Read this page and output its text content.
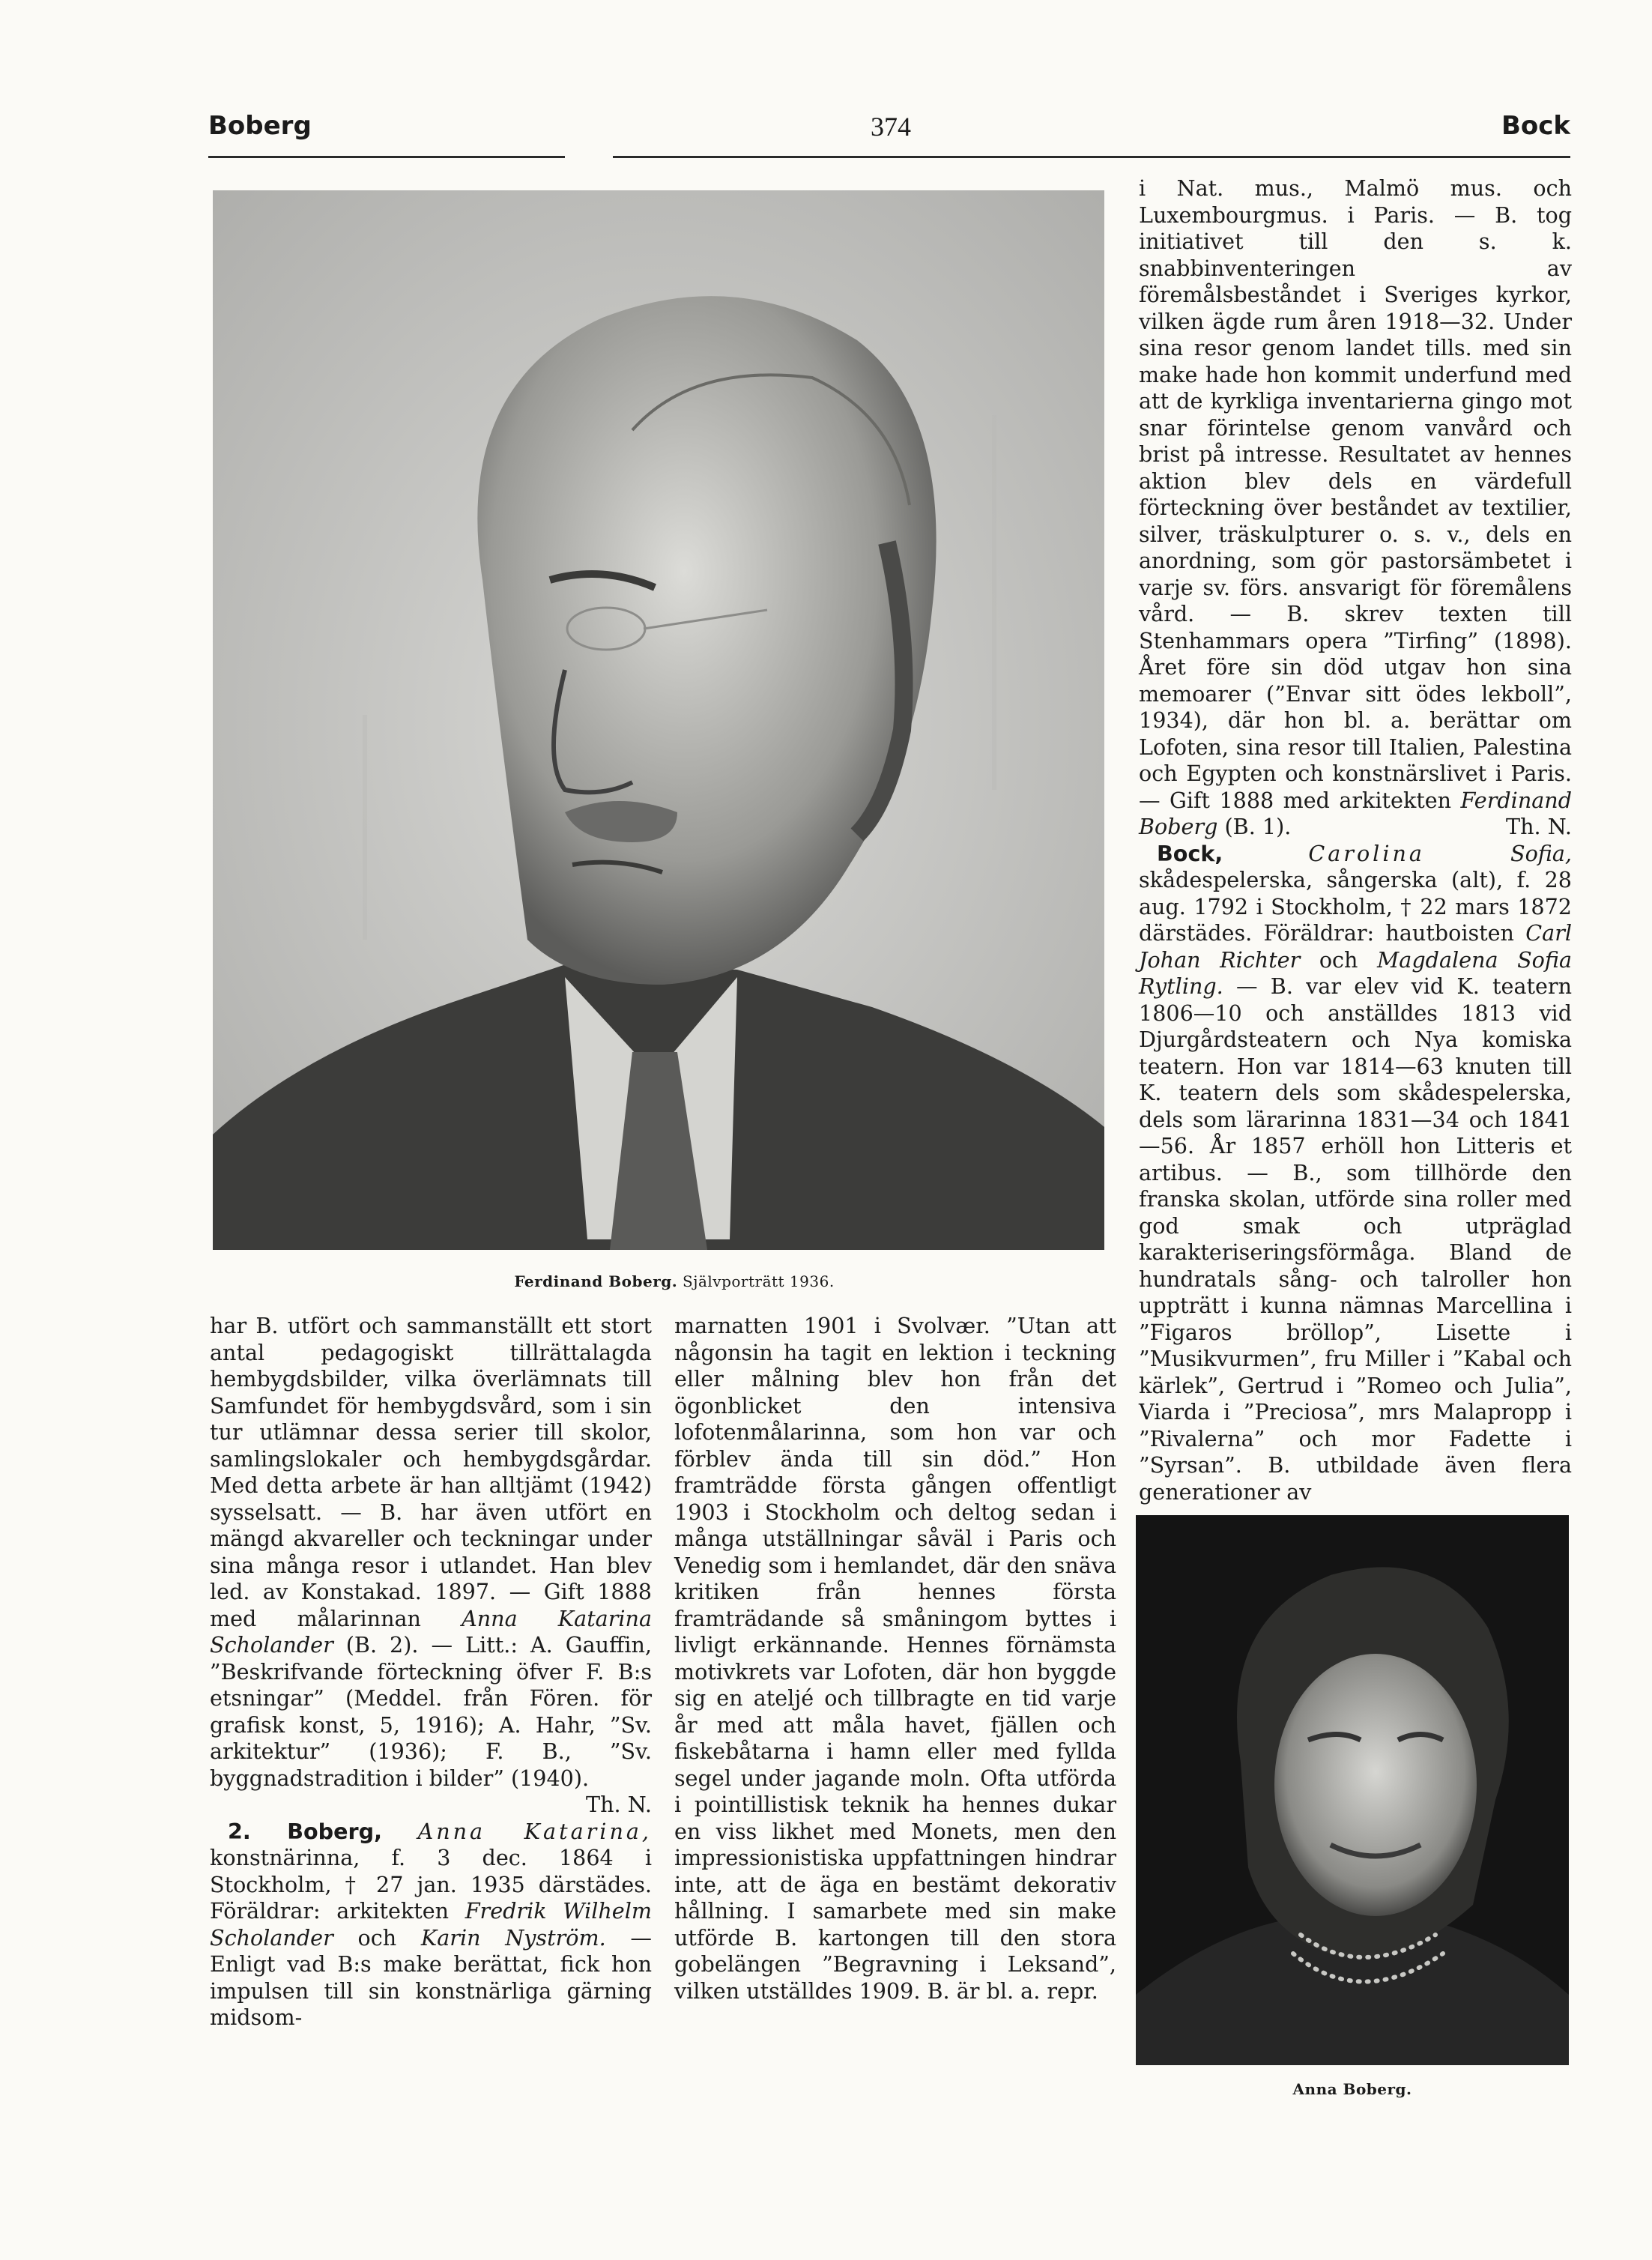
Boberg	374	Bock
Ferdinand Boberg. Självporträtt 1936.

har B. utfört och sammanställt ett stort antal pedagogiskt tillrättalagda hembygdsbilder, vilka överlämnats till Samfundet för hembygdsvård, som i sin tur utlämnar dessa serier till skolor, samlingslokaler och hembygdsgårdar. Med detta arbete är han alltjämt (1942) sysselsatt. — B. har även utfört en mängd akvareller och teckningar under sina många resor i utlandet. Han blev led. av Konstakad. 1897. — Gift 1888 med målarinnan Anna Katarina Scholander (B. 2). — Litt.: A. Gauffin, ”Beskrifvande förteckning öfver F. B:s etsningar” (Meddel. från Fören. för grafisk konst, 5, 1916); A. Hahr, ”Sv. arkitektur” (1936); F. B., ”Sv. byggnadstradition i bilder” (1940).
Th. N.

2. Boberg, Anna Katarina, konstnärinna, f. 3 dec. 1864 i Stockholm, † 27 jan. 1935 därstädes. Föräldrar: arkitekten Fredrik Wilhelm Scholander och Karin Nyström. — Enligt vad B:s make berättat, fick hon impulsen till sin konstnärliga gärning midsom-

marnatten 1901 i Svolvær. ”Utan att någonsin ha tagit en lektion i teckning eller målning blev hon från det ögonblicket den intensiva lofotenmålarinna, som hon var och förblev ända till sin död.” Hon framträdde första gången offentligt 1903 i Stockholm och deltog sedan i många utställningar såväl i Paris och Venedig som i hemlandet, där den snäva kritiken från hennes första framträdande så småningom byttes i livligt erkännande. Hennes förnämsta motivkrets var Lofoten, där hon byggde sig en ateljé och tillbragte en tid varje år med att måla havet, fjällen och fiskebåtarna i hamn eller med fyllda segel under jagande moln. Ofta utförda i pointillistisk teknik ha hennes dukar en viss likhet med Monets, men den impressionistiska uppfattningen hindrar inte, att de äga en bestämt dekorativ hållning. I samarbete med sin make utförde B. kartongen till den stora gobelängen ”Begravning i Leksand”, vilken utställdes 1909. B. är bl. a. repr.

i Nat. mus., Malmö mus. och Luxembourgmus. i Paris. — B. tog initiativet till den s. k. snabbinventeringen av föremålsbeståndet i Sveriges kyrkor, vilken ägde rum åren 1918—32. Under sina resor genom landet tills. med sin make hade hon kommit underfund med att de kyrkliga inventarierna gingo mot snar förintelse genom vanvård och brist på intresse. Resultatet av hennes aktion blev dels en värdefull förteckning över beståndet av textilier, silver, träskulpturer o. s. v., dels en anordning, som gör pastorsämbetet i varje sv. förs. ansvarigt för föremålens vård. — B. skrev texten till Stenhammars opera ”Tirfing” (1898). Året före sin död utgav hon sina memoarer (”Envar sitt ödes lekboll”, 1934), där hon bl. a. berättar om Lofoten, sina resor till Italien, Palestina och Egypten och konstnärslivet i Paris. — Gift 1888 med arkitekten Ferdinand Boberg (B. 1).	Th. N.

Bock,	Carolina	Sofia, skådespelerska, sångerska (alt), f. 28 aug. 1792 i Stockholm, † 22 mars 1872 därstädes. Föräldrar: hautboisten Carl Johan Richter och Magdalena Sofia Rytling. — B. var elev vid K. teatern 1806—10 och anställdes 1813 vid Djurgårdsteatern och Nya komiska teatern. Hon var 1814—63 knuten till K. teatern dels som skådespelerska, dels som lärarinna 1831—34 och 1841—56. År 1857 erhöll hon Litteris et artibus. — B., som tillhörde den franska skolan, utförde sina roller med god smak och utpräglad karakteriseringsförmåga. Bland de hundratals sång- och talroller hon uppträtt i kunna nämnas Marcellina i ”Figaros bröllop”, Lisette i ”Musikvurmen”, fru Miller i ”Kabal och kärlek”, Gertrud i ”Romeo och Julia”, Viarda i ”Preciosa”, mrs Malapropp i ”Rivalerna” och mor Fadette i ”Syrsan”. B. utbildade även flera generationer av

Anna Boberg.
